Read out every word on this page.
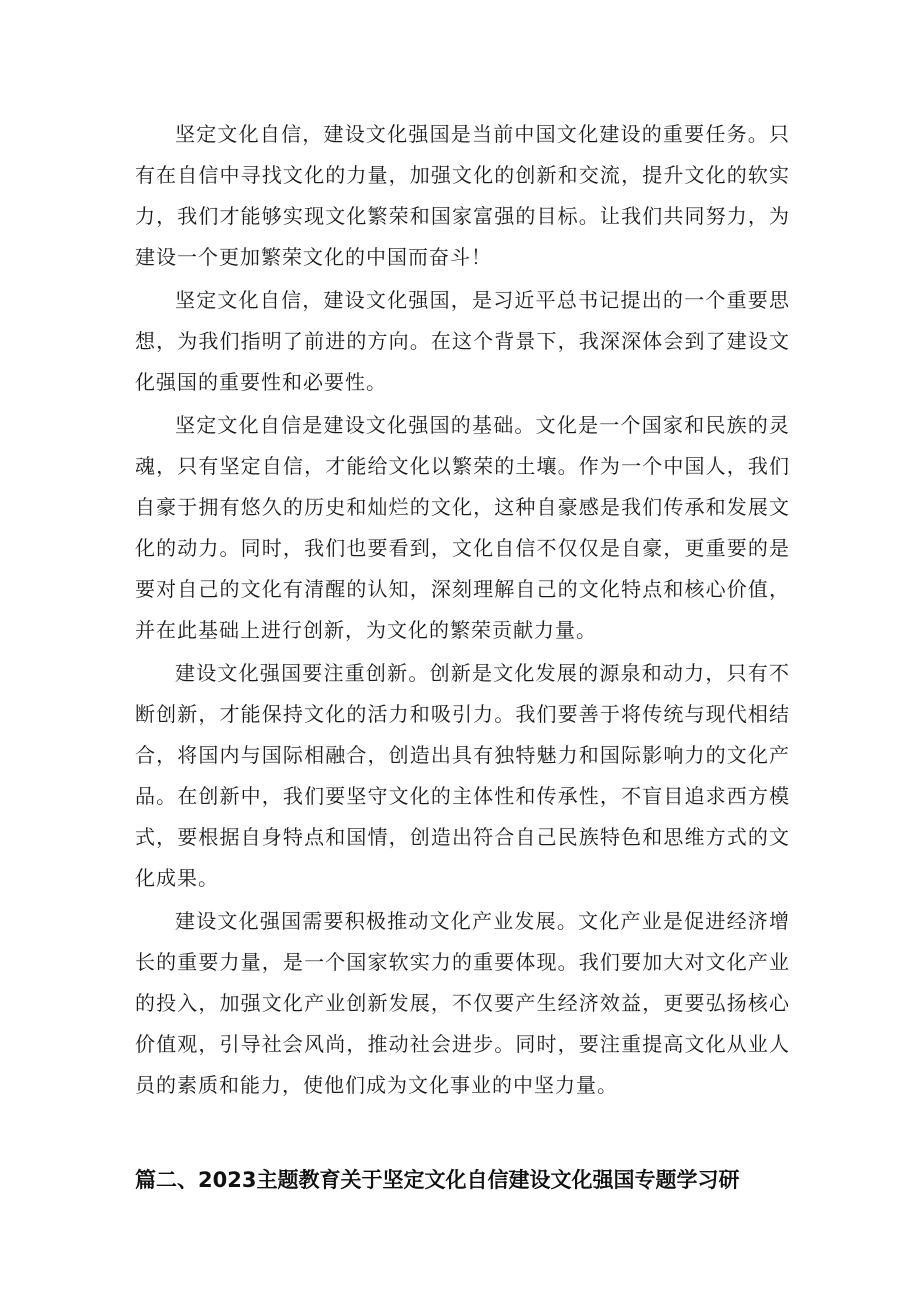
坚定文化自信，建设文化强国是当前中国文化建设的重要任务。只有在自信中寻找文化的力量，加强文化的创新和交流，提升文化的软实力，我们才能够实现文化繁荣和国家富强的目标。让我们共同努力，为建设一个更加繁荣文化的中国而奋斗！

坚定文化自信，建设文化强国，是习近平总书记提出的一个重要思想，为我们指明了前进的方向。在这个背景下，我深深体会到了建设文化强国的重要性和必要性。

坚定文化自信是建设文化强国的基础。文化是一个国家和民族的灵魂，只有坚定自信，才能给文化以繁荣的土壤。作为一个中国人，我们自豪于拥有悠久的历史和灿烂的文化，这种自豪感是我们传承和发展文化的动力。同时，我们也要看到，文化自信不仅仅是自豪，更重要的是要对自己的文化有清醒的认知，深刻理解自己的文化特点和核心价值，并在此基础上进行创新，为文化的繁荣贡献力量。

建设文化强国要注重创新。创新是文化发展的源泉和动力，只有不断创新，才能保持文化的活力和吸引力。我们要善于将传统与现代相结合，将国内与国际相融合，创造出具有独特魅力和国际影响力的文化产品。在创新中，我们要坚守文化的主体性和传承性，不盲目追求西方模式，要根据自身特点和国情，创造出符合自己民族特色和思维方式的文化成果。

建设文化强国需要积极推动文化产业发展。文化产业是促进经济增长的重要力量，是一个国家软实力的重要体现。我们要加大对文化产业的投入，加强文化产业创新发展，不仅要产生经济效益，更要弘扬核心价值观，引导社会风尚，推动社会进步。同时，要注重提高文化从业人员的素质和能力，使他们成为文化事业的中坚力量。

篇二、2023主题教育关于坚定文化自信建设文化强国专题学习研
